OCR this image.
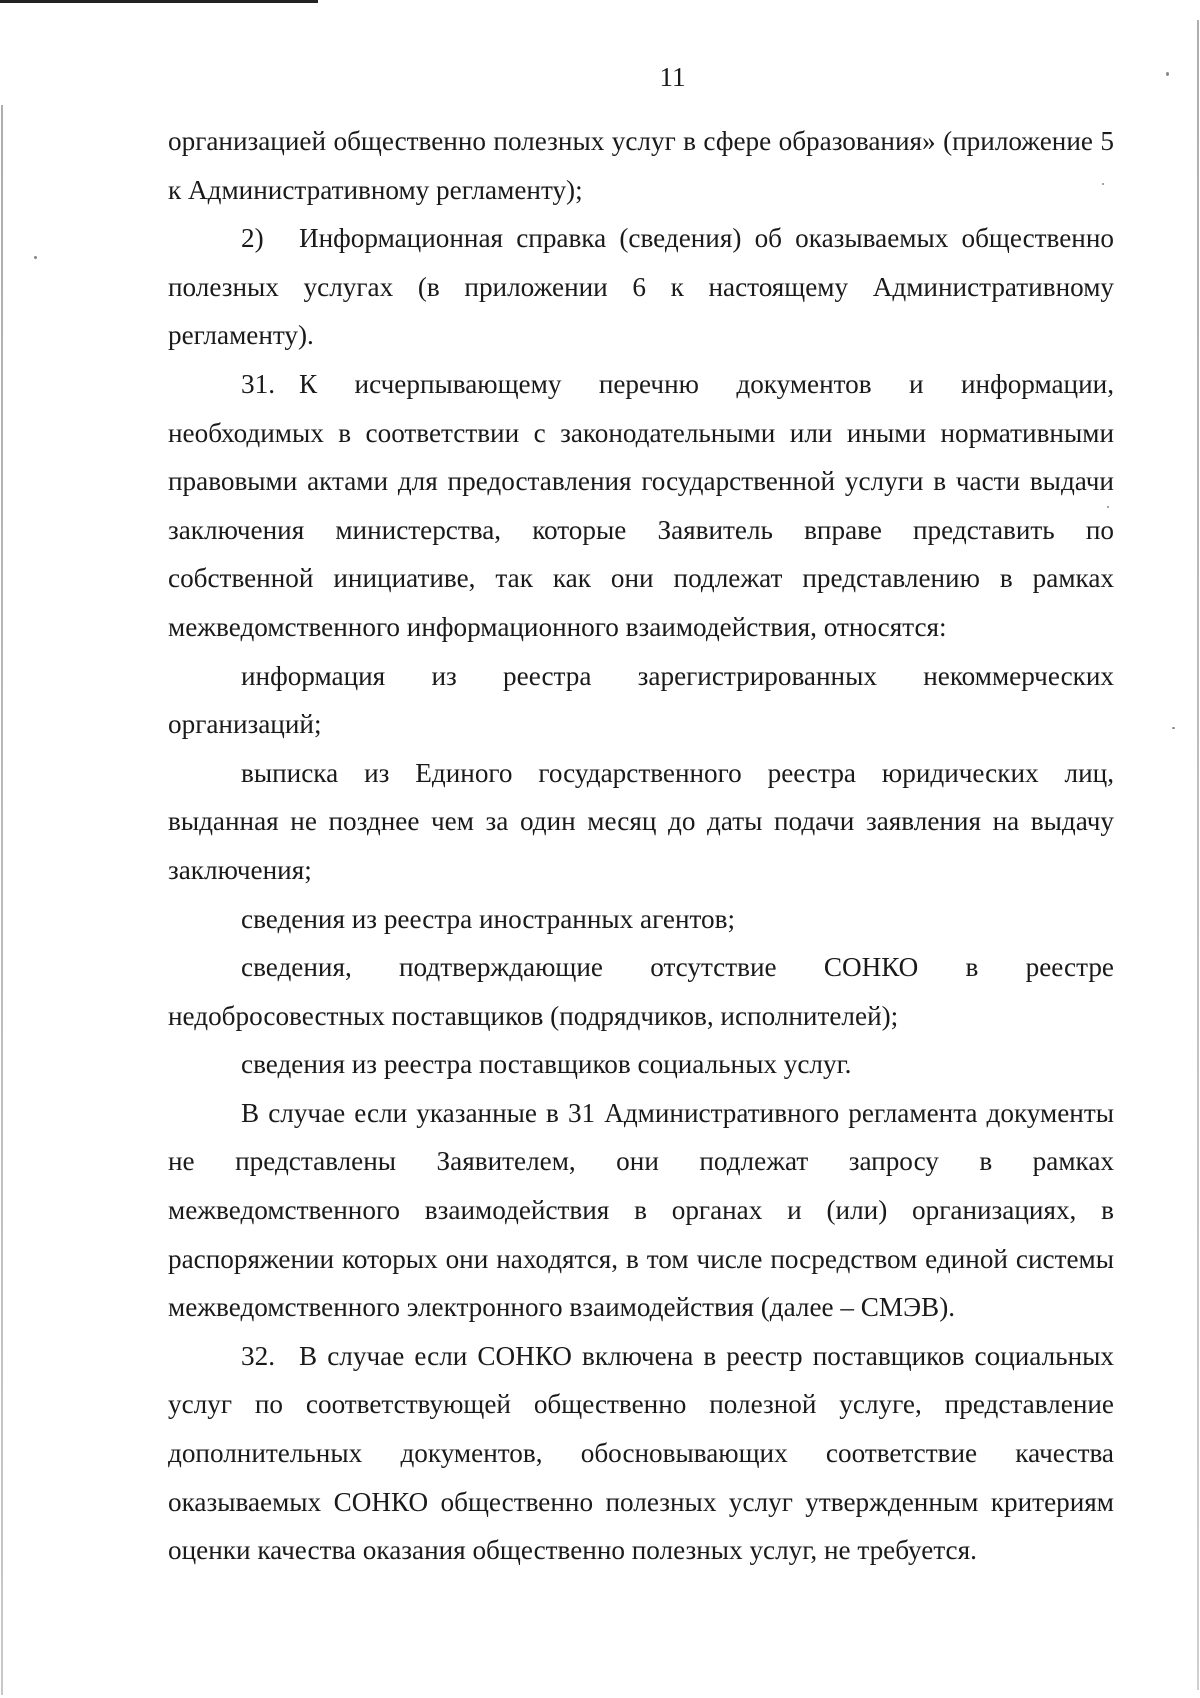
11

организацией общественно полезных услуг в сфере образования» (приложение 5 к Административному регламенту);

2) Информационная справка (сведения) об оказываемых общественно полезных услугах (в приложении 6 к настоящему Административному регламенту).

31. К исчерпывающему перечню документов и информации, необходимых в соответствии с законодательными или иными нормативными правовыми актами для предоставления государственной услуги в части выдачи заключения министерства, которые Заявитель вправе представить по собственной инициативе, так как они подлежат представлению в рамках межведомственного информационного взаимодействия, относятся:

информация из реестра зарегистрированных некоммерческих организаций;

выписка из Единого государственного реестра юридических лиц, выданная не позднее чем за один месяц до даты подачи заявления на выдачу заключения;

сведения из реестра иностранных агентов;

сведения, подтверждающие отсутствие СОНКО в реестре недобросовестных поставщиков (подрядчиков, исполнителей);

сведения из реестра поставщиков социальных услуг.

В случае если указанные в 31 Административного регламента документы не представлены Заявителем, они подлежат запросу в рамках межведомственного взаимодействия в органах и (или) организациях, в распоряжении которых они находятся, в том числе посредством единой системы межведомственного электронного взаимодействия (далее – СМЭВ).

32. В случае если СОНКО включена в реестр поставщиков социальных услуг по соответствующей общественно полезной услуге, представление дополнительных документов, обосновывающих соответствие качества оказываемых СОНКО общественно полезных услуг утвержденным критериям оценки качества оказания общественно полезных услуг, не требуется.
